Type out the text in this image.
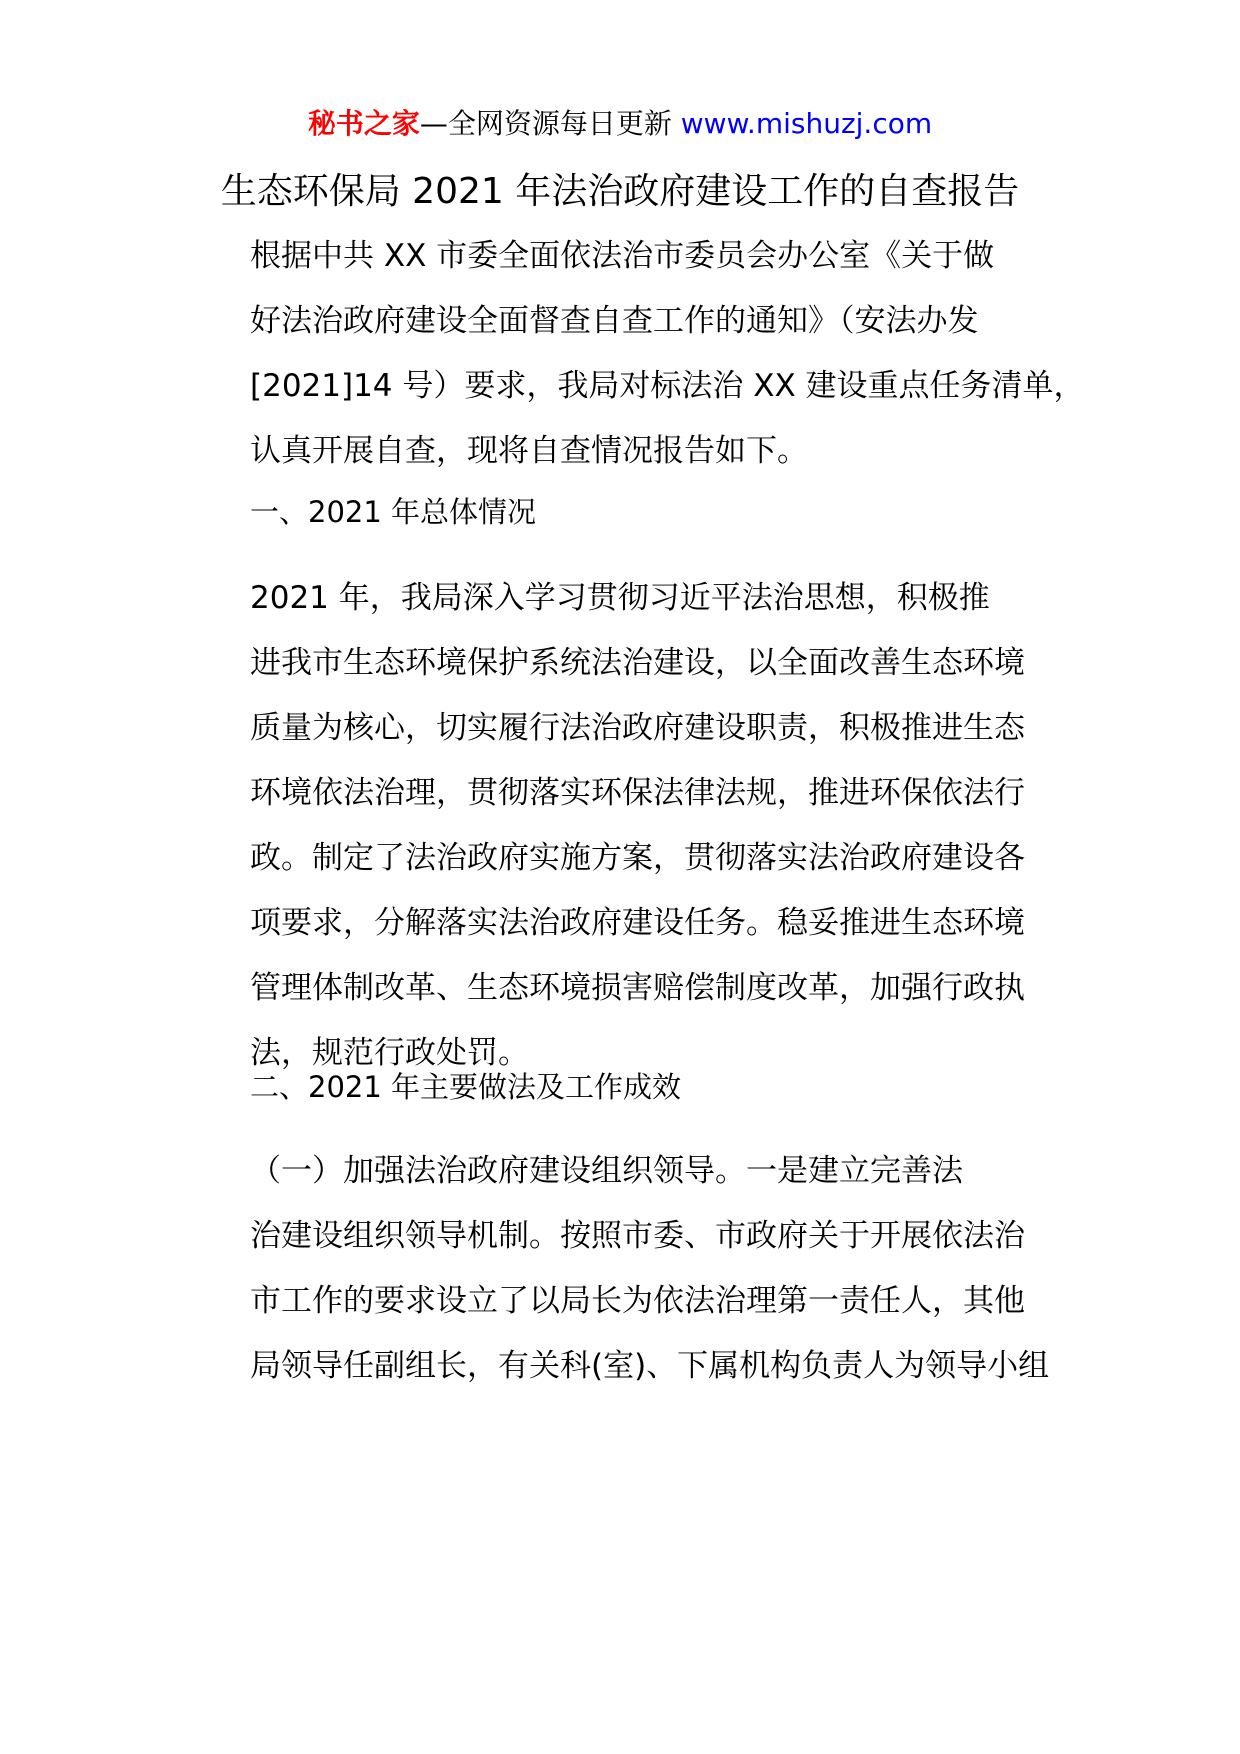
秘书之家—全网资源每日更新 www.mishuzj.com
生态环保局 2021 年法治政府建设工作的自查报告

根据中共 XX 市委全面依法治市委员会办公室《关于做
好法治政府建设全面督查自查工作的通知》（安法办发
[2021]14 号）要求，我局对标法治 XX 建设重点任务清单，
认真开展自查，现将自查情况报告如下。

一、2021 年总体情况

2021 年，我局深入学习贯彻习近平法治思想，积极推
进我市生态环境保护系统法治建设，以全面改善生态环境
质量为核心，切实履行法治政府建设职责，积极推进生态
环境依法治理，贯彻落实环保法律法规，推进环保依法行
政。制定了法治政府实施方案，贯彻落实法治政府建设各
项要求，分解落实法治政府建设任务。稳妥推进生态环境
管理体制改革、生态环境损害赔偿制度改革，加强行政执
法，规范行政处罚。

二、2021 年主要做法及工作成效

（一）加强法治政府建设组织领导。一是建立完善法
治建设组织领导机制。按照市委、市政府关于开展依法治
市工作的要求设立了以局长为依法治理第一责任人，其他
局领导任副组长，有关科(室)、下属机构负责人为领导小组
